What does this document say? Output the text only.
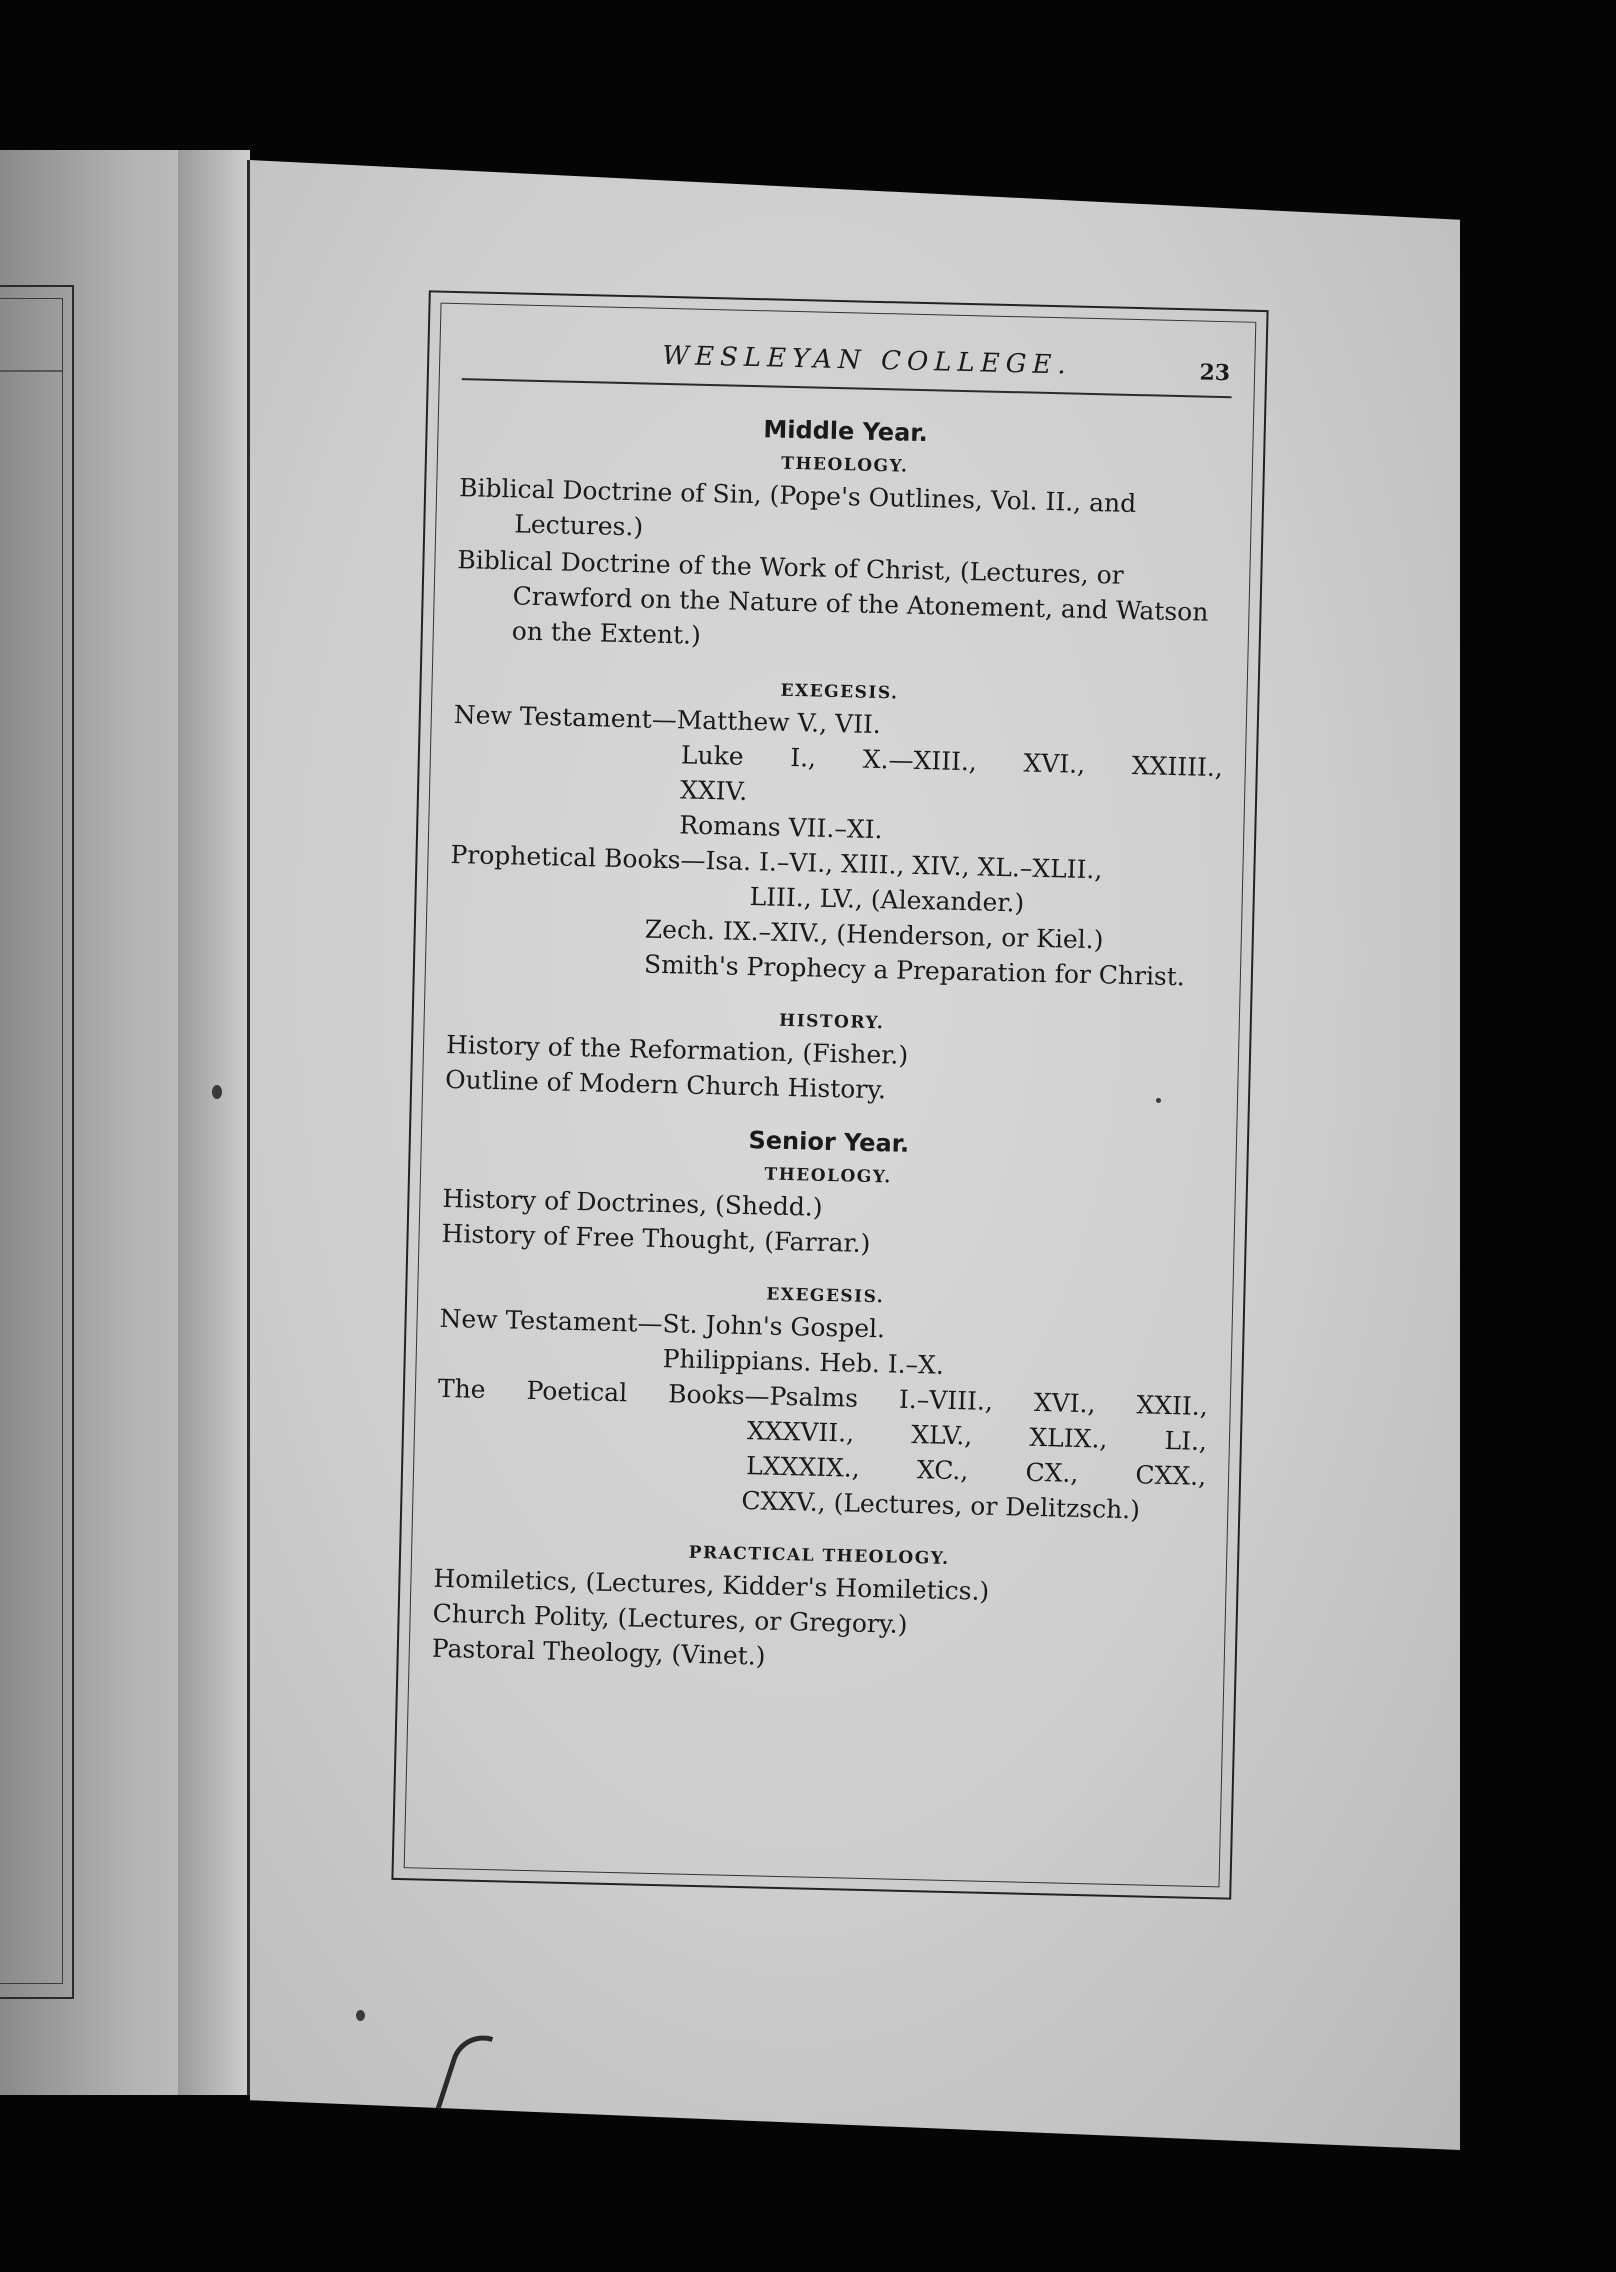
WESLEYAN COLLEGE.	23
Middle Year.
THEOLOGY.

Biblical Doctrine of Sin, (Pope's Outlines, Vol. II., and Lectures.)

Biblical Doctrine of the Work of Christ, (Lectures, or Crawford on the Nature of the Atonement, and Watson on the Extent.)

EXEGESIS.
New Testament—Matthew V., VII.
Luke I., X.—XIII., XVI., XXIIII.,
XXIV.
Romans VII.–XI.
Prophetical Books—Isa. I.–VI., XIII., XIV., XL.–XLII.,
LIII., LV., (Alexander.)
Zech. IX.–XIV., (Henderson, or Kiel.)
Smith's Prophecy a Preparation for Christ.
HISTORY.
History of the Reformation, (Fisher.)
Outline of Modern Church History.
Senior Year.
THEOLOGY.
History of Doctrines, (Shedd.)
History of Free Thought, (Farrar.)
EXEGESIS.
New Testament—St. John's Gospel.
Philippians. Heb. I.–X.
The Poetical Books—Psalms I.–VIII., XVI., XXII.,
XXXVII., XLV., XLIX., LI.,
LXXXIX., XC., CX., CXX.,
CXXV., (Lectures, or Delitzsch.)
PRACTICAL THEOLOGY.
Homiletics, (Lectures, Kidder's Homiletics.)
Church Polity, (Lectures, or Gregory.)
Pastoral Theology, (Vinet.)
